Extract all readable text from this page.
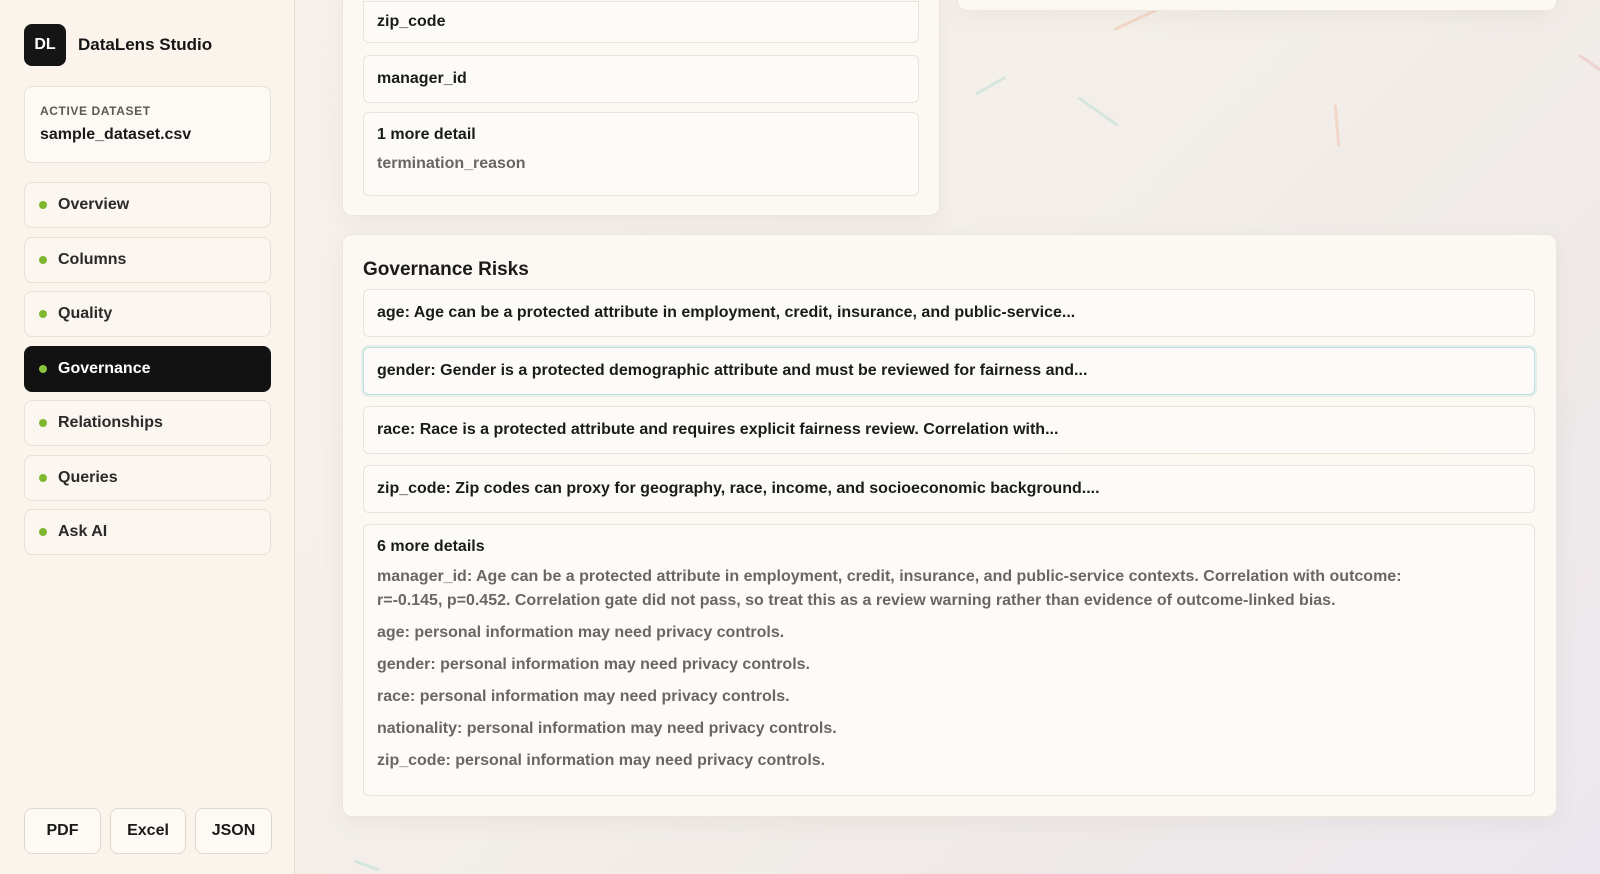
DL	DataLens Studio
ACTIVE DATASET
sample_dataset.csv
Overview
Columns
Quality
Governance
Relationships
Queries
Ask AI
PDF	Excel	JSON
zip_code
manager_id
1 more detail
termination_reason
Governance Risks
age: Age can be a protected attribute in employment, credit, insurance, and public-service...
gender: Gender is a protected demographic attribute and must be reviewed for fairness and...
race: Race is a protected attribute and requires explicit fairness review. Correlation with...
zip_code: Zip codes can proxy for geography, race, income, and socioeconomic background....
6 more details
manager_id: Age can be a protected attribute in employment, credit, insurance, and public-service contexts. Correlation with outcome:
r=-0.145, p=0.452. Correlation gate did not pass, so treat this as a review warning rather than evidence of outcome-linked bias.
age: personal information may need privacy controls.
gender: personal information may need privacy controls.
race: personal information may need privacy controls.
nationality: personal information may need privacy controls.
zip_code: personal information may need privacy controls.
